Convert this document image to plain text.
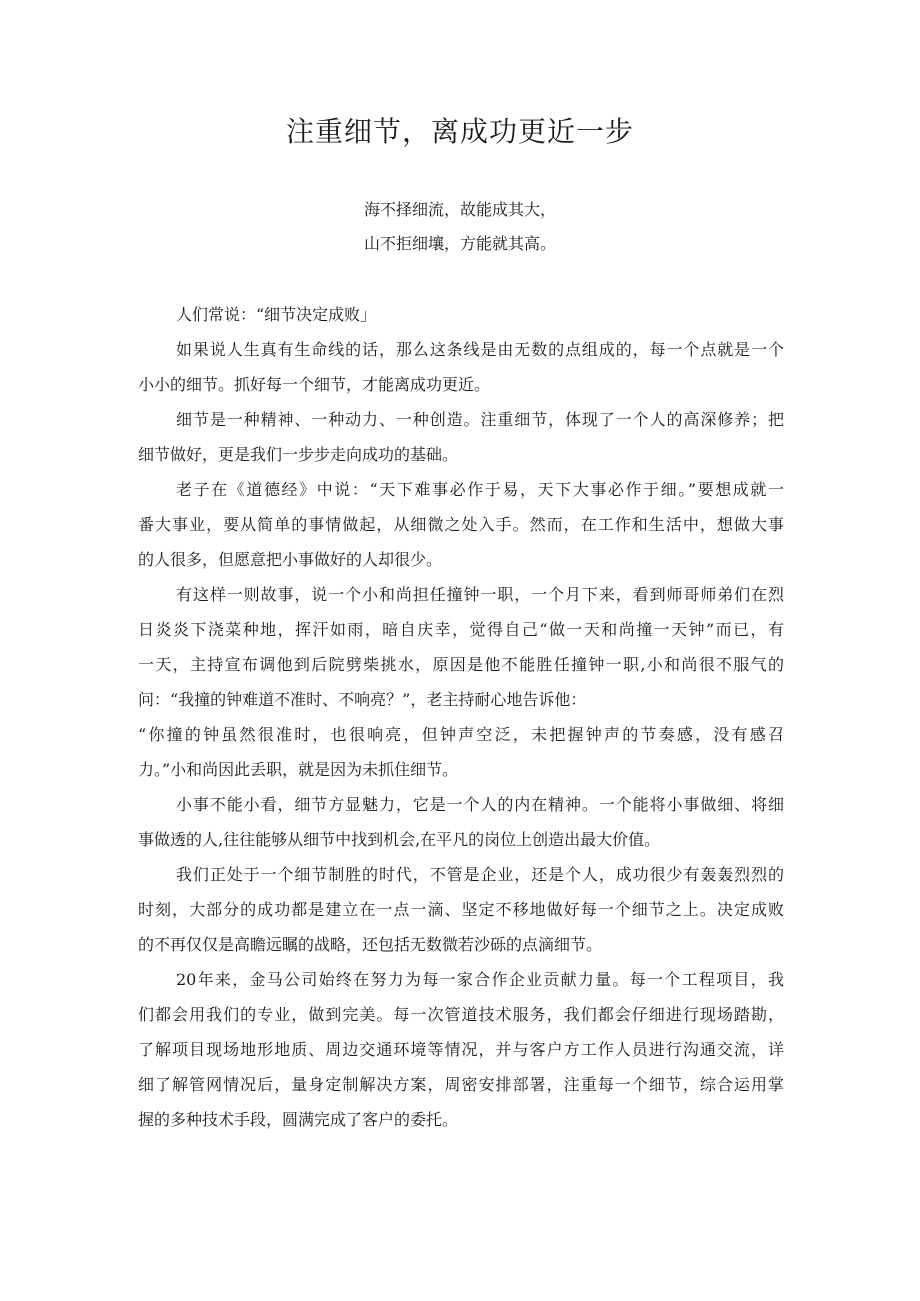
注重细节，离成功更近一步
海不择细流，故能成其大，
山不拒细壤，方能就其高。
人们常说：“细节决定成败」
如果说人生真有生命线的话，那么这条线是由无数的点组成的，每一个点就是一个
小小的细节。抓好每一个细节，才能离成功更近。
细节是一种精神、一种动力、一种创造。注重细节，体现了一个人的高深修养；把
细节做好，更是我们一步步走向成功的基础。
老子在《道德经》中说：“天下难事必作于易，天下大事必作于细。”要想成就一
番大事业，要从简单的事情做起，从细微之处入手。然而，在工作和生活中，想做大事
的人很多，但愿意把小事做好的人却很少。
有这样一则故事，说一个小和尚担任撞钟一职，一个月下来，看到师哥师弟们在烈
日炎炎下浇菜种地，挥汗如雨，暗自庆幸，觉得自己“做一天和尚撞一天钟”而已，有
一天，主持宣布调他到后院劈柴挑水，原因是他不能胜任撞钟一职,小和尚很不服气的
问：“我撞的钟难道不准时、不响亮？”，老主持耐心地告诉他：
“你撞的钟虽然很准时，也很响亮，但钟声空泛，未把握钟声的节奏感，没有感召
力。”小和尚因此丢职，就是因为未抓住细节。
小事不能小看，细节方显魅力，它是一个人的内在精神。一个能将小事做细、将细
事做透的人,往往能够从细节中找到机会,在平凡的岗位上创造出最大价值。
我们正处于一个细节制胜的时代，不管是企业，还是个人，成功很少有轰轰烈烈的
时刻，大部分的成功都是建立在一点一滴、坚定不移地做好每一个细节之上。决定成败
的不再仅仅是高瞻远瞩的战略，还包括无数微若沙砾的点滴细节。
20年来，金马公司始终在努力为每一家合作企业贡献力量。每一个工程项目，我
们都会用我们的专业，做到完美。每一次管道技术服务，我们都会仔细进行现场踏勘，
了解项目现场地形地质、周边交通环境等情况，并与客户方工作人员进行沟通交流，详
细了解管网情况后，量身定制解决方案，周密安排部署，注重每一个细节，综合运用掌
握的多种技术手段，圆满完成了客户的委托。
